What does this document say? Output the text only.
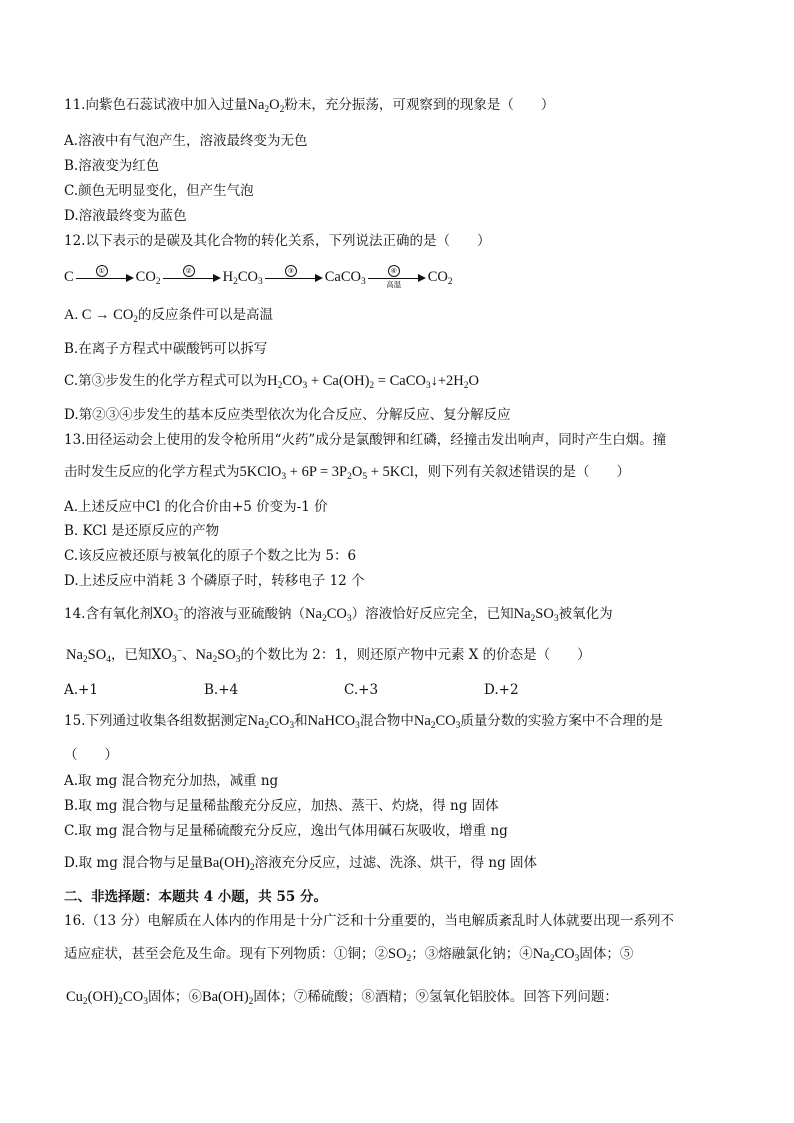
11.向紫色石蕊试液中加入过量$Na_2O_2$粉末，充分振荡，可观察到的现象是（　　）
A.溶液中有气泡产生，溶液最终变为无色
B.溶液变为红色
C.颜色无明显变化，但产生气泡
D.溶液最终变为蓝色
12.以下表示的是碳及其化合物的转化关系，下列说法正确的是（　　）
C	①	$CO_2$
②	$H_2CO_3$
③	CaCO$_3$
④
高温	$CO_2$
A. $C \to CO_2$的反应条件可以是高温
B.在离子方程式中碳酸钙可以拆写
C.第③步发生的化学方程式可以为$H_2CO_3 + Ca(OH)_2$ = $CaCO_3↓+2H_2O$
D.第②③④步发生的基本反应类型依次为化合反应、分解反应、复分解反应
13.田径运动会上使用的发令枪所用“火药”成分是氯酸钾和红磷，经撞击发出响声，同时产生白烟。撞
击时发生反应的化学方程式为5KClO$_3$ + $6P = 3P_2O_5 + 5KCl$，则下列有关叙述错误的是（　　）
A.上述反应中Cl 的化合价由+5 价变为-1 价
B. KCl 是还原反应的产物
C.该反应被还原与被氧化的原子个数之比为 5：6
D.上述反应中消耗 3 个磷原子时，转移电子 12 个
14.含有氧化剂$XO_3^-$的溶液与亚硫酸钠$(Na_2CO_3)$溶液恰好反应完全，已知$Na_2SO_3$被氧化为
$Na_2SO_4$，已知$XO_3^-$、$Na_2SO_3$的个数比为 2：1，则还原产物中元素 X 的价态是（　　）
A.+1	B.+4	C.+3	D.+2
15.下列通过收集各组数据测定$Na_2CO_3$和NaHCO$_3$混合物中$Na_2CO_3$质量分数的实验方案中不合理的是
（　　）
A.取 mg 混合物充分加热，减重 ng
B.取 mg 混合物与足量稀盐酸充分反应，加热、蒸干、灼烧，得 ng 固体
C.取 mg 混合物与足量稀硫酸充分反应，逸出气体用碱石灰吸收，增重 ng
D.取 mg 混合物与足量$Ba(OH)_2$溶液充分反应，过滤、洗涤、烘干，得 ng 固体
二、非选择题：本题共 4 小题，共 55 分。
16.（13 分）电解质在人体内的作用是十分广泛和十分重要的，当电解质紊乱时人体就要出现一系列不
适应症状，甚至会危及生命。现有下列物质：①铜；$②SO_2$；③熔融氯化钠；$④Na_2CO_3$固体；⑤
$Cu_2(OH)_2CO_3$固体；$⑥Ba(OH)_2$固体；⑦稀硫酸；⑧酒精；⑨氢氧化铝胶体。回答下列问题：
